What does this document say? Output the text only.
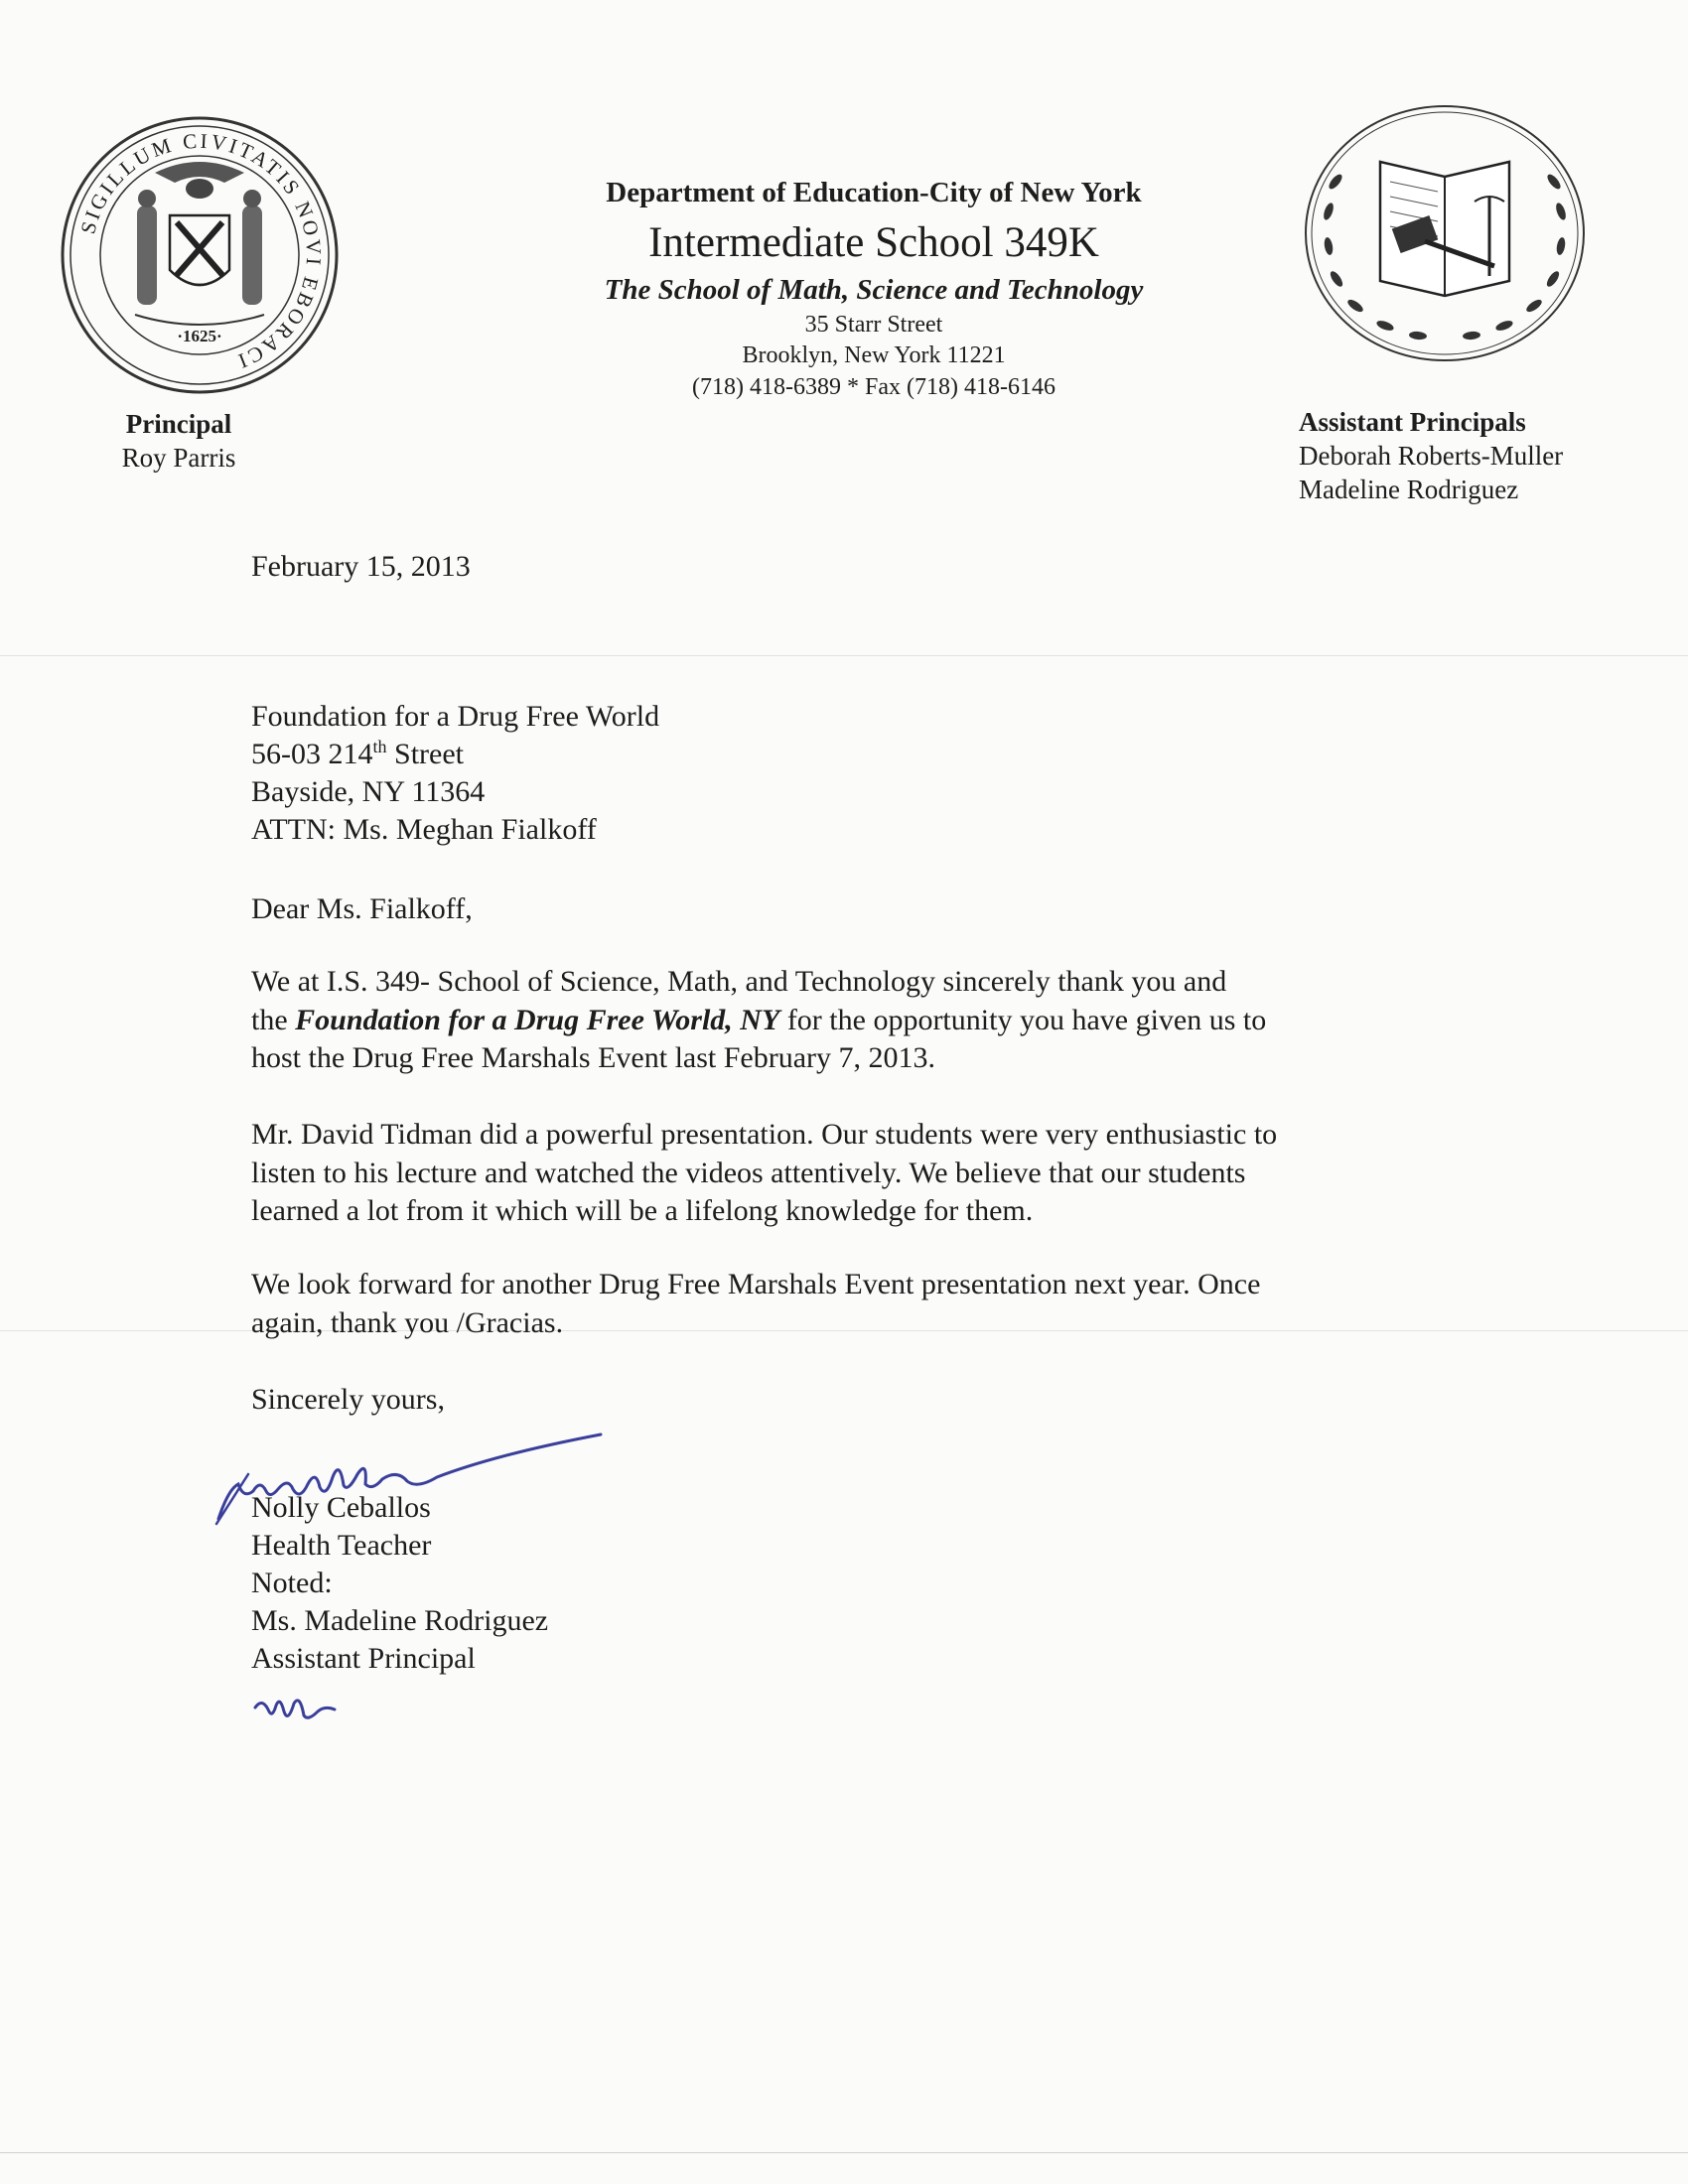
SIGILLUM CIVITATIS NOVI EBORACI
·1625·
Department of Education-City of New York
Intermediate School 349K
The School of Math, Science and Technology
35 Starr Street
Brooklyn, New York 11221
(718) 418-6389 * Fax (718) 418-6146
Principal
Roy Parris
Assistant Principals
Deborah Roberts-Muller
Madeline Rodriguez
February 15, 2013
Foundation for a Drug Free World
56-03 214th Street
Bayside, NY 11364
ATTN: Ms. Meghan Fialkoff
Dear Ms. Fialkoff,
We at I.S. 349- School of Science, Math, and Technology sincerely thank you and
the Foundation for a Drug Free World, NY for the opportunity you have given us to
host the Drug Free Marshals Event last February 7, 2013.
Mr. David Tidman did a powerful presentation. Our students were very enthusiastic to
listen to his lecture and watched the videos attentively. We believe that our students
learned a lot from it which will be a lifelong knowledge for them.
We look forward for another Drug Free Marshals Event presentation next year. Once
again, thank you /Gracias.
Sincerely yours,
Nolly Ceballos
Health Teacher
Noted:
Ms. Madeline Rodriguez
Assistant Principal
